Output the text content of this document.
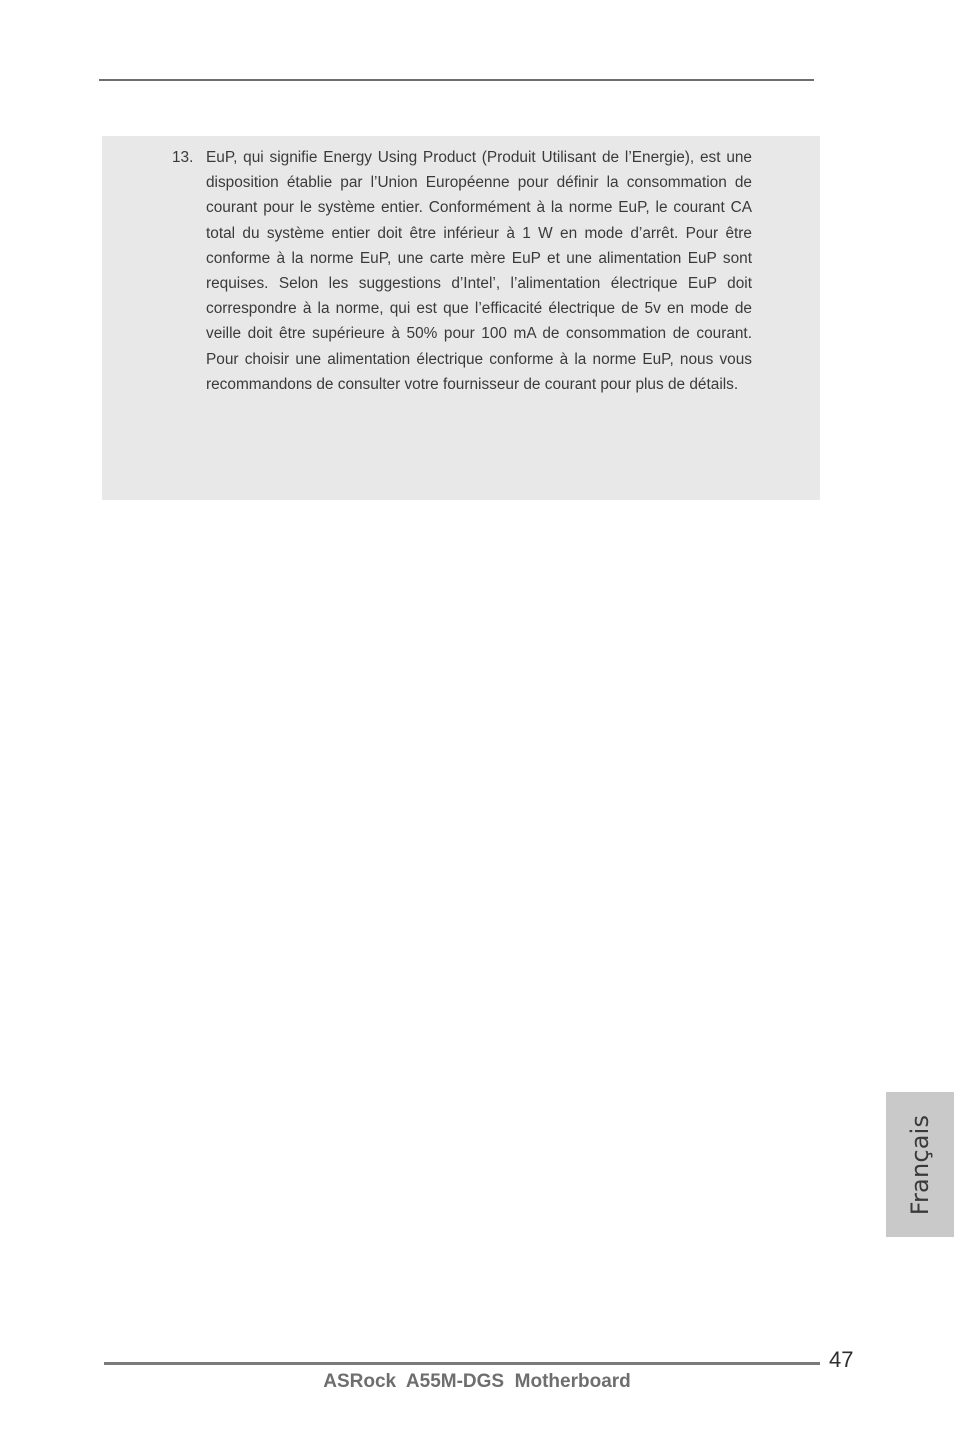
13. EuP, qui signifie Energy Using Product (Produit Utilisant de l’Energie), est une disposition établie par l’Union Européenne pour définir la consommation de courant pour le système entier. Conformément à la norme EuP, le courant CA total du système entier doit être inférieur à 1 W en mode d’arrêt. Pour être conforme à la norme EuP, une carte mère EuP et une alimentation EuP sont requises. Selon les suggestions d’Intel’, l’alimentation électrique EuP doit correspondre à la norme, qui est que l’efficacité électrique de 5v en mode de veille doit être supérieure à 50% pour 100 mA de consommation de courant. Pour choisir une alimentation électrique conforme à la norme EuP, nous vous recommandons de consulter votre fournisseur de courant pour plus de détails.
Français
47
ASRock  A55M-DGS  Motherboard
